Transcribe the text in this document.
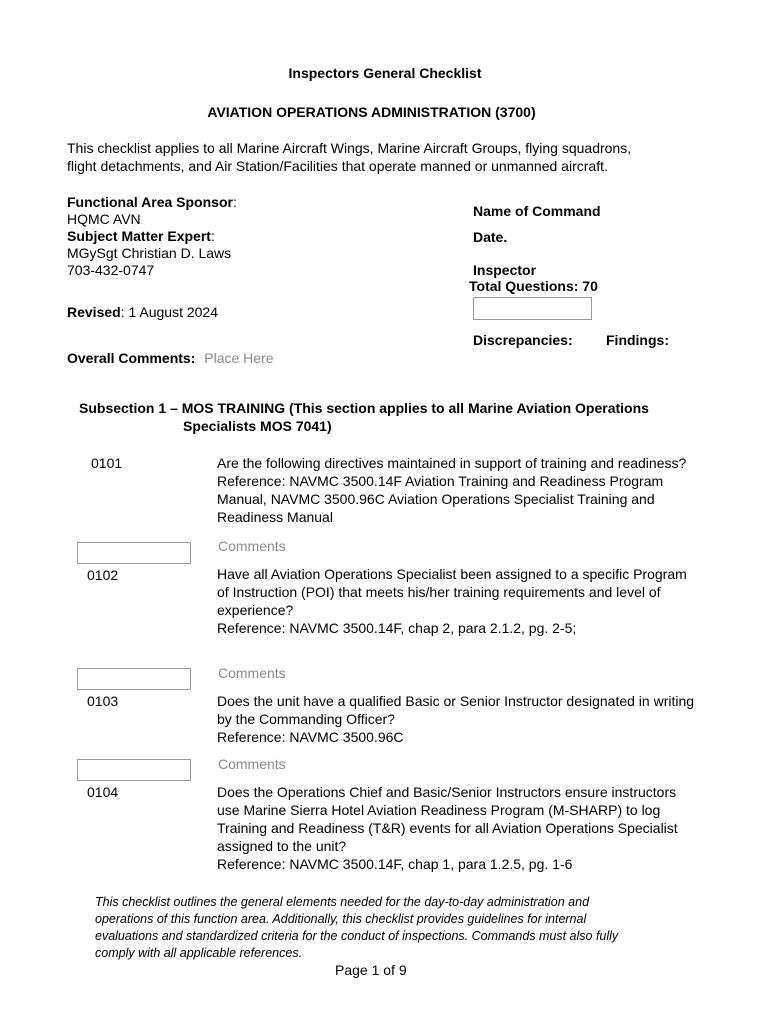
Inspectors General Checklist
AVIATION OPERATIONS ADMINISTRATION (3700)
This checklist applies to all Marine Aircraft Wings, Marine Aircraft Groups, flying squadrons,
flight detachments, and Air Station/Facilities that operate manned or unmanned aircraft.
Functional Area Sponsor:
HQMC AVN
Subject Matter Expert:
MGySgt Christian D. Laws
703-432-0747
Revised: 1 August 2024
Name of Command
Date.
Inspector
Total Questions: 70
Discrepancies: Findings:
Overall Comments: Place Here
Subsection 1 – MOS TRAINING (This section applies to all Marine Aviation Operations
Specialists MOS 7041)
0101	Are the following directives maintained in support of training and readiness?
Reference: NAVMC 3500.14F Aviation Training and Readiness Program
Manual, NAVMC 3500.96C Aviation Operations Specialist Training and
Readiness Manual
Comments
0102	Have all Aviation Operations Specialist been assigned to a specific Program
of Instruction (POI) that meets his/her training requirements and level of
experience?
Reference: NAVMC 3500.14F, chap 2, para 2.1.2, pg. 2-5;
Comments
0103	Does the unit have a qualified Basic or Senior Instructor designated in writing
by the Commanding Officer?
Reference: NAVMC 3500.96C
Comments
0104	Does the Operations Chief and Basic/Senior Instructors ensure instructors
use Marine Sierra Hotel Aviation Readiness Program (M-SHARP) to log
Training and Readiness (T&R) events for all Aviation Operations Specialist
assigned to the unit?
Reference: NAVMC 3500.14F, chap 1, para 1.2.5, pg. 1-6
This checklist outlines the general elements needed for the day-to-day administration and
operations of this function area. Additionally, this checklist provides guidelines for internal
evaluations and standardized criteria for the conduct of inspections. Commands must also fully
comply with all applicable references.
Page 1 of 9
